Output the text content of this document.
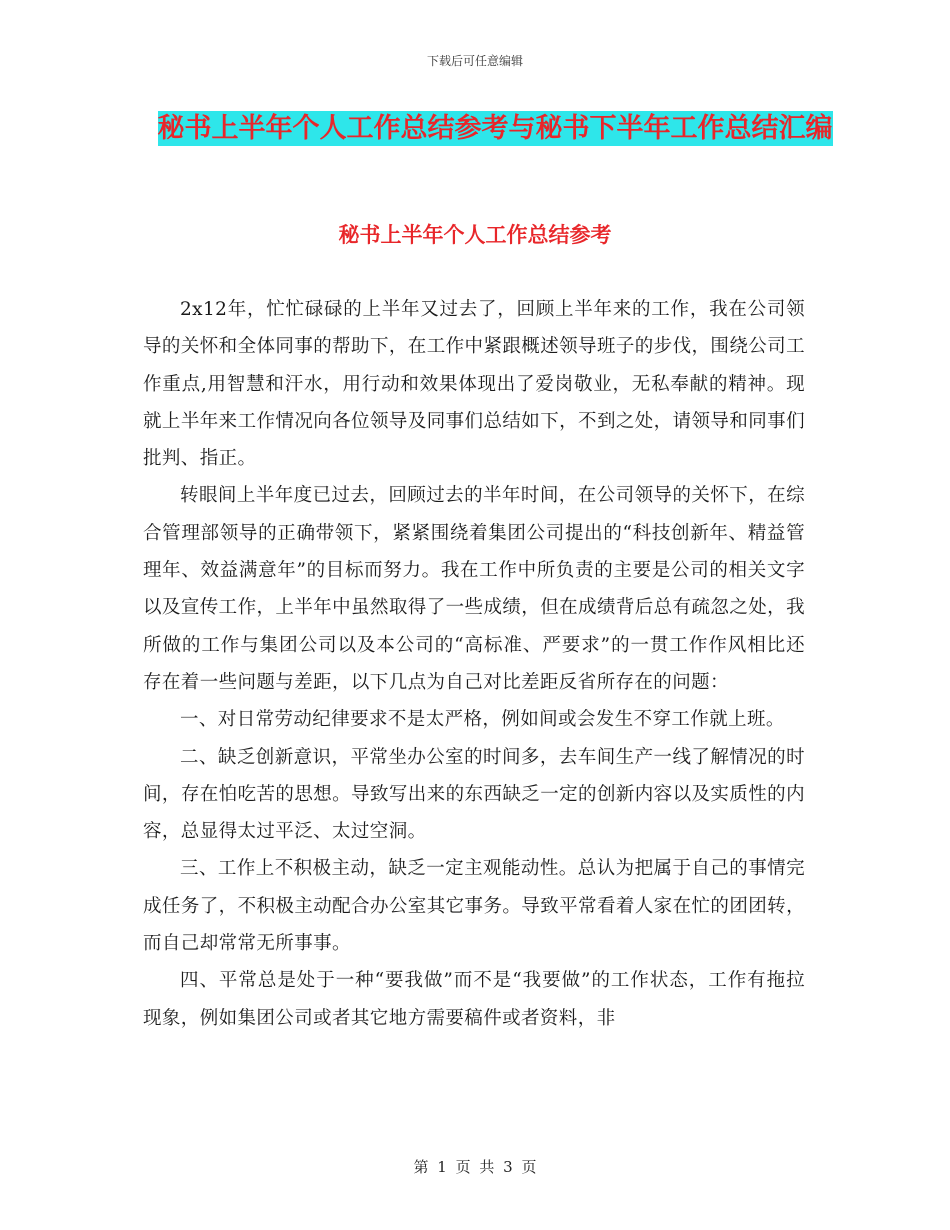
下载后可任意编辑
秘书上半年个人工作总结参考与秘书下半年工作总结汇编
秘书上半年个人工作总结参考

2x12年，忙忙碌碌的上半年又过去了，回顾上半年来的工作，我在公司领导的关怀和全体同事的帮助下，在工作中紧跟概述领导班子的步伐，围绕公司工作重点,用智慧和汗水，用行动和效果体现出了爱岗敬业，无私奉献的精神。现就上半年来工作情况向各位领导及同事们总结如下，不到之处，请领导和同事们批判、指正。

转眼间上半年度已过去，回顾过去的半年时间，在公司领导的关怀下，在综合管理部领导的正确带领下，紧紧围绕着集团公司提出的“科技创新年、精益管理年、效益满意年”的目标而努力。我在工作中所负责的主要是公司的相关文字以及宣传工作，上半年中虽然取得了一些成绩，但在成绩背后总有疏忽之处，我所做的工作与集团公司以及本公司的“高标准、严要求”的一贯工作作风相比还存在着一些问题与差距，以下几点为自己对比差距反省所存在的问题：

一、对日常劳动纪律要求不是太严格，例如间或会发生不穿工作就上班。

二、缺乏创新意识，平常坐办公室的时间多，去车间生产一线了解情况的时间，存在怕吃苦的思想。导致写出来的东西缺乏一定的创新内容以及实质性的内容，总显得太过平泛、太过空洞。

三、工作上不积极主动，缺乏一定主观能动性。总认为把属于自己的事情完成任务了，不积极主动配合办公室其它事务。导致平常看着人家在忙的团团转，而自己却常常无所事事。

四、平常总是处于一种“要我做”而不是“我要做”的工作状态，工作有拖拉现象，例如集团公司或者其它地方需要稿件或者资料，非

第 1 页 共 3 页
